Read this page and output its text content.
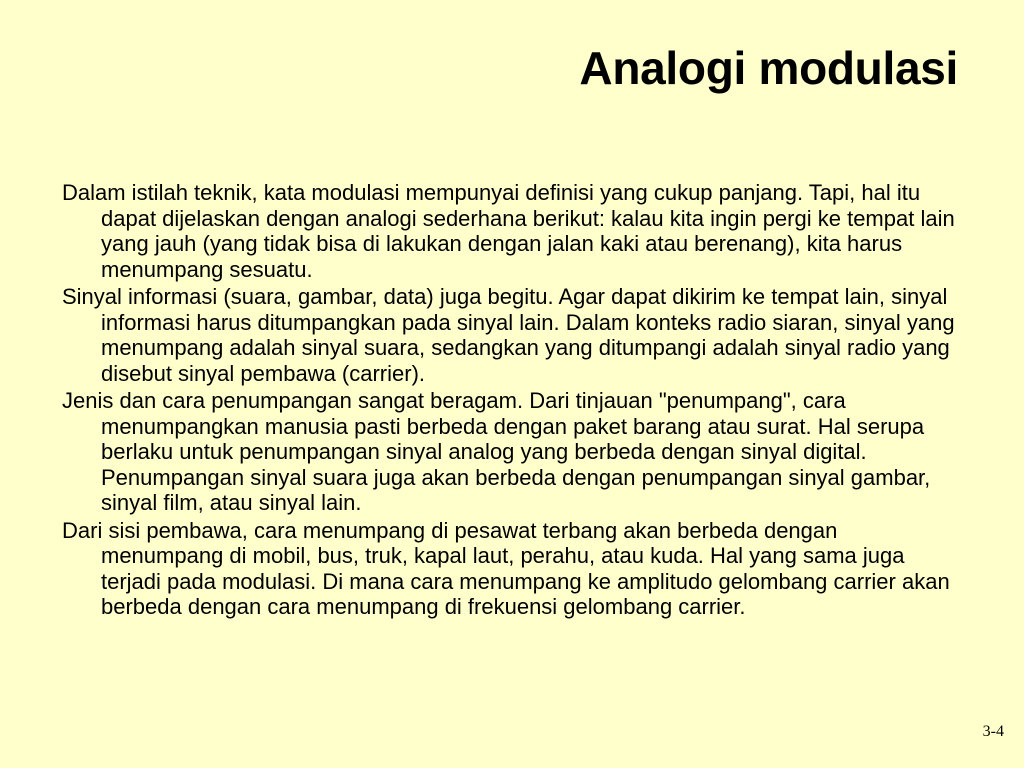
Analogi modulasi

Dalam istilah teknik, kata modulasi mempunyai definisi yang cukup panjang. Tapi, hal itu dapat dijelaskan dengan analogi sederhana berikut: kalau kita ingin pergi ke tempat lain yang jauh (yang tidak bisa di lakukan dengan jalan kaki atau berenang), kita harus menumpang sesuatu.

Sinyal informasi (suara, gambar, data) juga begitu. Agar dapat dikirim ke tempat lain, sinyal informasi harus ditumpangkan pada sinyal lain. Dalam konteks radio siaran, sinyal yang menumpang adalah sinyal suara, sedangkan yang ditumpangi adalah sinyal radio yang disebut sinyal pembawa (carrier).

Jenis dan cara penumpangan sangat beragam. Dari tinjauan "penumpang", cara menumpangkan manusia pasti berbeda dengan paket barang atau surat. Hal serupa berlaku untuk penumpangan sinyal analog yang berbeda dengan sinyal digital. Penumpangan sinyal suara juga akan berbeda dengan penumpangan sinyal gambar, sinyal film, atau sinyal lain.

Dari sisi pembawa, cara menumpang di pesawat terbang akan berbeda dengan menumpang di mobil, bus, truk, kapal laut, perahu, atau kuda. Hal yang sama juga terjadi pada modulasi. Di mana cara menumpang ke amplitudo gelombang carrier akan berbeda dengan cara menumpang di frekuensi gelombang carrier.

3-4
